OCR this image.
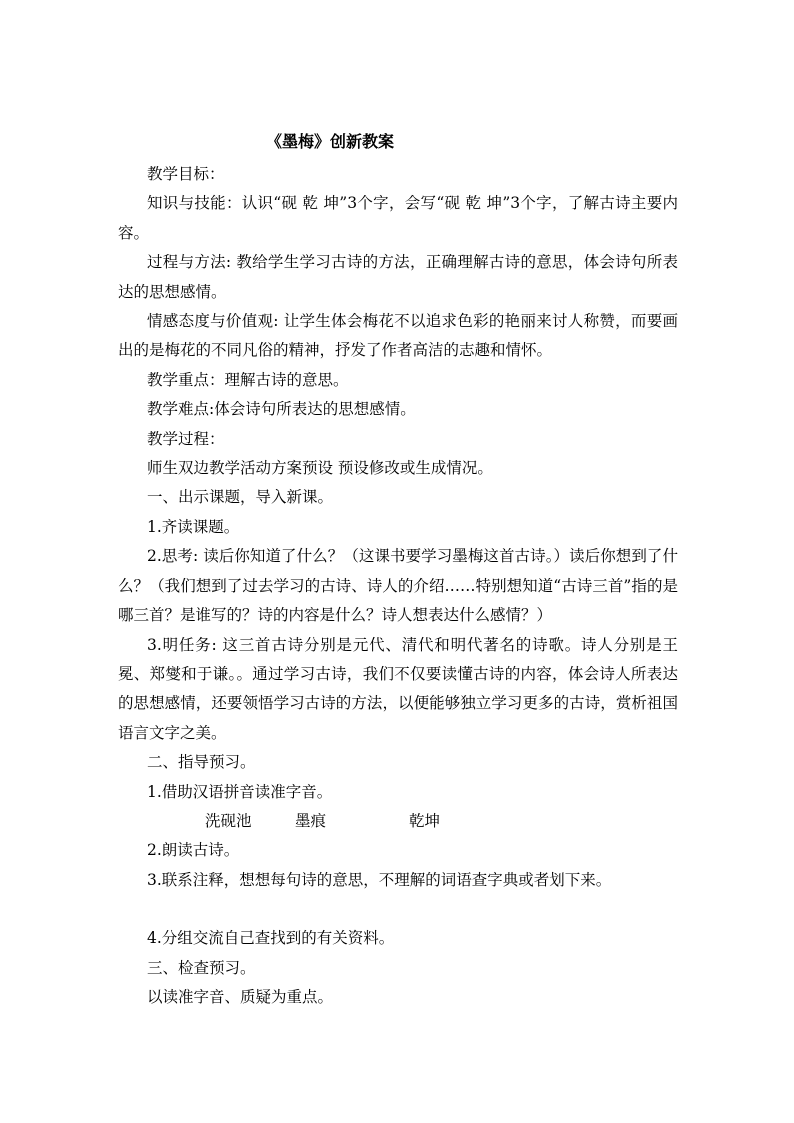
《墨梅》创新教案

教学目标：

知识与技能：认识“砚 乾 坤”3个字，会写“砚 乾 坤”3个字，了解古诗主要内容。

过程与方法: 教给学生学习古诗的方法，正确理解古诗的意思，体会诗句所表达的思想感情。

情感态度与价值观: 让学生体会梅花不以追求色彩的艳丽来讨人称赞，而要画出的是梅花的不同凡俗的精神，抒发了作者高洁的志趣和情怀。

教学重点：理解古诗的意思。

教学难点:体会诗句所表达的思想感情。

教学过程：

师生双边教学活动方案预设 预设修改或生成情况。

一、出示课题，导入新课。

1.齐读课题。

2.思考: 读后你知道了什么？（这课书要学习墨梅这首古诗。）读后你想到了什么？（我们想到了过去学习的古诗、诗人的介绍……特别想知道“古诗三首”指的是哪三首？是谁写的？诗的内容是什么？诗人想表达什么感情？）

3.明任务: 这三首古诗分别是元代、清代和明代著名的诗歌。诗人分别是王冕、郑燮和于谦。。通过学习古诗，我们不仅要读懂古诗的内容，体会诗人所表达的思想感情，还要领悟学习古诗的方法，以便能够独立学习更多的古诗，赏析祖国语言文字之美。

二、指导预习。

1.借助汉语拼音读准字音。

洗砚池	墨痕	乾坤

2.朗读古诗。

3.联系注释，想想每句诗的意思，不理解的词语查字典或者划下来。

4.分组交流自己查找到的有关资料。

三、检查预习。

以读准字音、质疑为重点。
